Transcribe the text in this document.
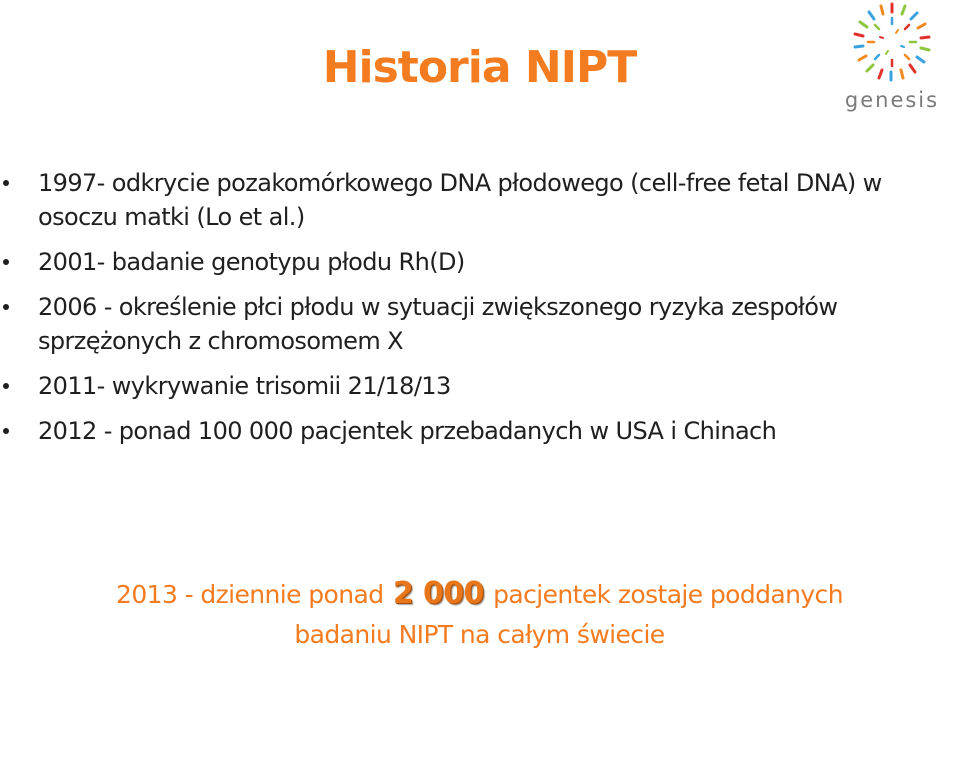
Historia NIPT
genesis
1997- odkrycie pozakomórkowego DNA płodowego (cell-free fetal DNA) w osoczu matki (Lo et al.)
2001- badanie genotypu płodu Rh(D)
2006 - określenie płci płodu w sytuacji zwiększonego ryzyka zespołów sprzężonych z chromosomem X
2011- wykrywanie trisomii 21/18/13
2012 - ponad 100 000 pacjentek przebadanych w USA i Chinach
2013 - dziennie ponad 2 000 pacjentek zostaje poddanych
badaniu NIPT na całym świecie
NZOZ Centrum Genetyki Medycznej Genesis , ul. Grudzieniec 4, 60-601 Poznań, INFOLINIA: 601 305 306
www.genesis.pl
